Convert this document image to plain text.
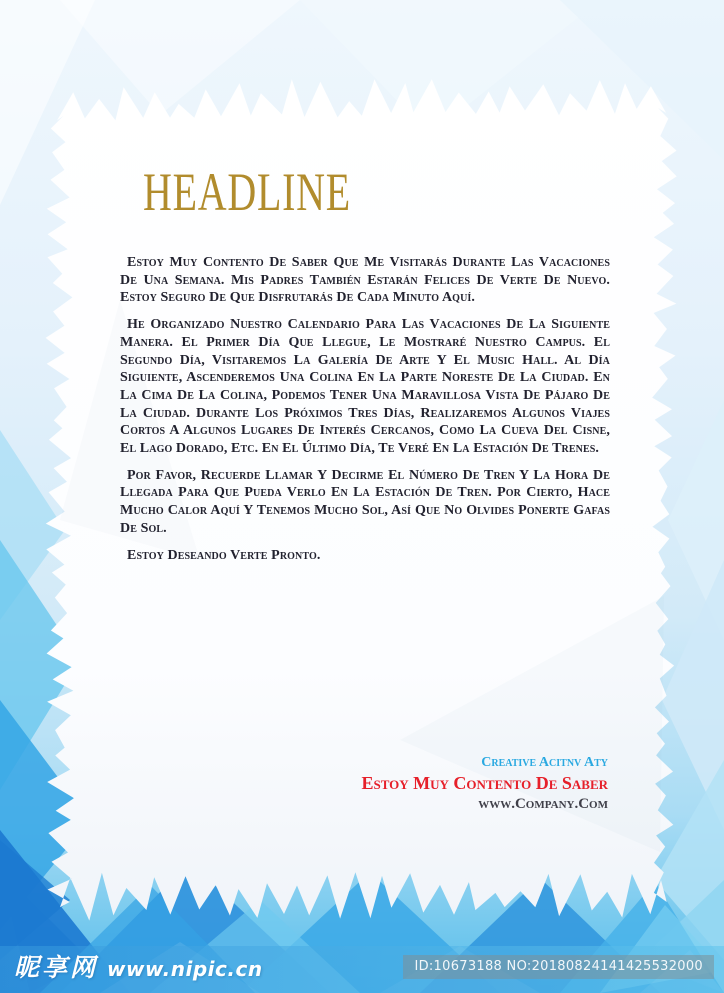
HEADLINE

Estoy Muy Contento De Saber Que Me Visitarás Durante Las Vacaciones De Una Semana. Mis Padres También Estarán Felices De Verte De Nuevo. Estoy Seguro De Que Disfrutarás De Cada Minuto Aquí.

He Organizado Nuestro Calendario Para Las Vacaciones De La Siguiente Manera. El Primer Día Que Llegue, Le Mostraré Nuestro Campus. El Segundo Día, Visitaremos La Galería De Arte Y El Music Hall. Al Día Siguiente, Ascenderemos Una Colina En La Parte Noreste De La Ciudad. En La Cima De La Colina, Podemos Tener Una Maravillosa Vista De Pájaro De La Ciudad. Durante Los Próximos Tres Días, Realizaremos Algunos Viajes Cortos A Algunos Lugares De Interés Cercanos, Como La Cueva Del Cisne, El Lago Dorado, Etc. En El Último Día, Te Veré En La Estación De Trenes.

Por Favor, Recuerde Llamar Y Decirme El Número De Tren Y La Hora De Llegada Para Que Pueda Verlo En La Estación De Tren. Por Cierto, Hace Mucho Calor Aquí Y Tenemos Mucho Sol, Así Que No Olvides Ponerte Gafas De Sol.

Estoy Deseando Verte Pronto.

Creative Acitnv Aty
Estoy Muy Contento De Saber
www.Company.Com
昵享网 www.nipic.cn	ID:10673188 NO:20180824141425532000
